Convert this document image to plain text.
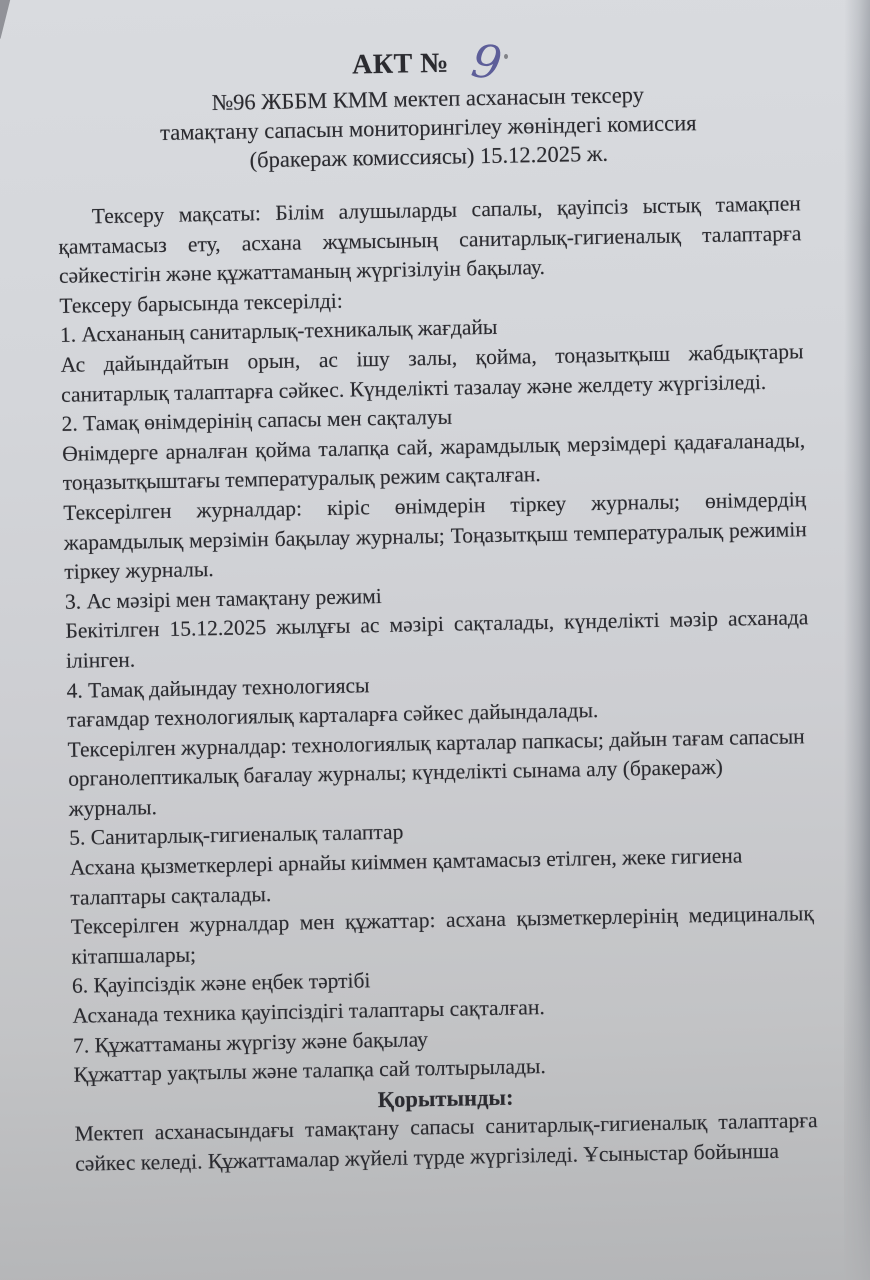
АКТ № 9
№96 ЖББМ КММ мектеп асханасын тексеру
тамақтану сапасын мониторингілеу жөніндегі комиссия
(бракераж комиссиясы) 15.12.2025 ж.

Тексеру мақсаты: Білім алушыларды сапалы, қауіпсіз ыстық тамақпен қамтамасыз ету, асхана жұмысының санитарлық-гигиеналық талаптарға сәйкестігін және құжаттаманың жүргізілуін бақылау.

Тексеру барысында тексерілді:

1. Асхананың санитарлық-техникалық жағдайы

Ас дайындайтын орын, ас ішу залы, қойма, тоңазытқыш жабдықтары санитарлық талаптарға сәйкес. Күнделікті тазалау және желдету жүргізіледі.

2. Тамақ өнімдерінің сапасы мен сақталуы

Өнімдерге арналған қойма талапқа сай, жарамдылық мерзімдері қадағаланады, тоңазытқыштағы температуралық режим сақталған.

Тексерілген журналдар: кіріс өнімдерін тіркеу журналы; өнімдердің жарамдылық мерзімін бақылау журналы; Тоңазытқыш температуралық режимін тіркеу журналы.

3. Ас мәзірі мен тамақтану режимі

Бекітілген 15.12.2025 жылұғы ас мәзірі сақталады, күнделікті мәзір асханада ілінген.

4. Тамақ дайындау технологиясы

тағамдар технологиялық карталарға сәйкес дайындалады.

Тексерілген журналдар: технологиялық карталар папкасы; дайын тағам сапасын органолептикалық бағалау журналы; күнделікті сынама алу (бракераж) журналы.

5. Санитарлық-гигиеналық талаптар

Асхана қызметкерлері арнайы киіммен қамтамасыз етілген, жеке гигиена талаптары сақталады.

Тексерілген журналдар мен құжаттар: асхана қызметкерлерінің медициналық кітапшалары;

6. Қауіпсіздік және еңбек тәртібі

Асханада техника қауіпсіздігі талаптары сақталған.

7. Құжаттаманы жүргізу және бақылау

Құжаттар уақтылы және талапқа сай толтырылады.

Қорытынды:

Мектеп асханасындағы тамақтану сапасы санитарлық-гигиеналық талаптарға сәйкес келеді. Құжаттамалар жүйелі түрде жүргізіледі. Ұсыныстар бойынша
